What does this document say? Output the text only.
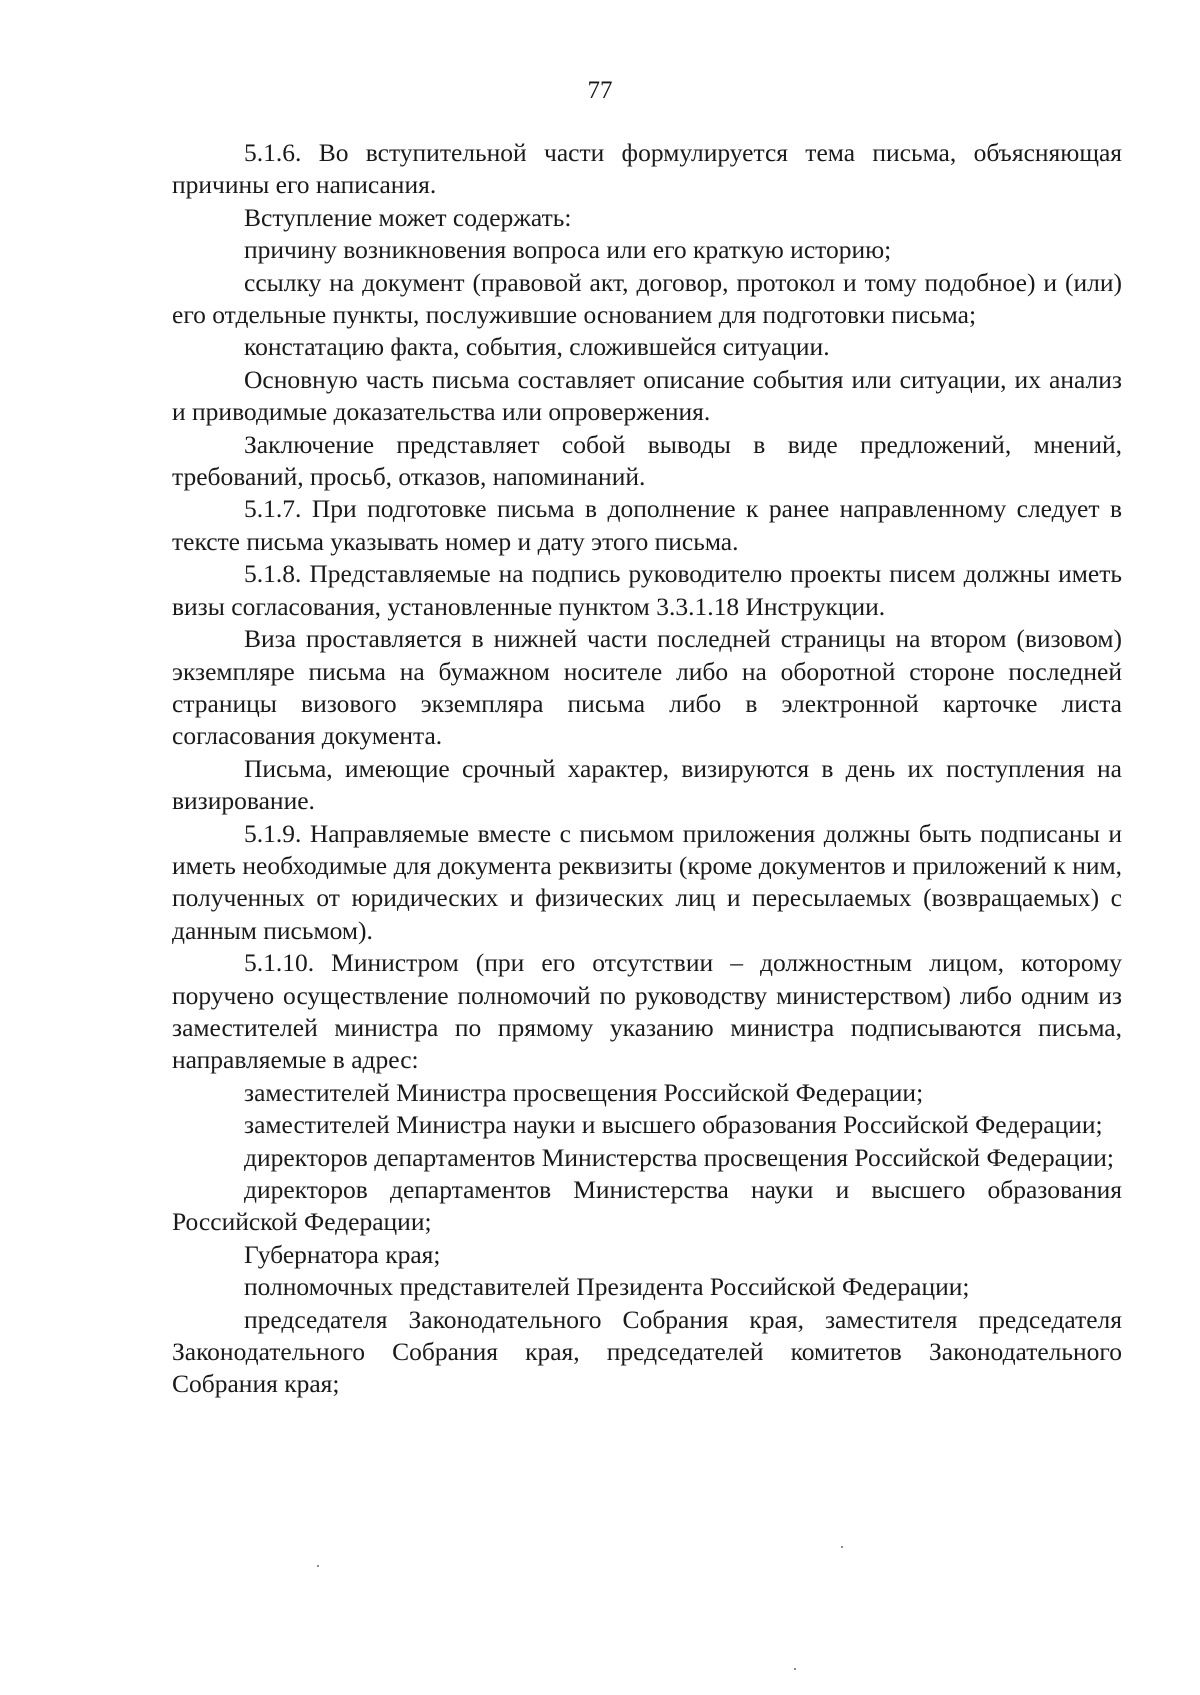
77

5.1.6. Во вступительной части формулируется тема письма, объясняющая причины его написания.

Вступление может содержать:

причину возникновения вопроса или его краткую историю;

ссылку на документ (правовой акт, договор, протокол и тому подобное) и (или) его отдельные пункты, послужившие основанием для подготовки письма;

констатацию факта, события, сложившейся ситуации.

Основную часть письма составляет описание события или ситуации, их анализ и приводимые доказательства или опровержения.

Заключение представляет собой выводы в виде предложений, мнений, требований, просьб, отказов, напоминаний.

5.1.7. При подготовке письма в дополнение к ранее направленному следует в тексте письма указывать номер и дату этого письма.

5.1.8. Представляемые на подпись руководителю проекты писем должны иметь визы согласования, установленные пунктом 3.3.1.18 Инструкции.

Виза проставляется в нижней части последней страницы на втором (визовом) экземпляре письма на бумажном носителе либо на оборотной стороне последней страницы визового экземпляра письма либо в электронной карточке листа согласования документа.

Письма, имеющие срочный характер, визируются в день их поступления на визирование.

5.1.9. Направляемые вместе с письмом приложения должны быть подписаны и иметь необходимые для документа реквизиты (кроме документов и приложений к ним, полученных от юридических и физических лиц и пересылаемых (возвращаемых) с данным письмом).

5.1.10. Министром (при его отсутствии – должностным лицом, которому поручено осуществление полномочий по руководству министерством) либо одним из заместителей министра по прямому указанию министра подписываются письма, направляемые в адрес:

заместителей Министра просвещения Российской Федерации;

заместителей Министра науки и высшего образования Российской Федерации;

директоров департаментов Министерства просвещения Российской Федерации;

директоров департаментов Министерства науки и высшего образования Российской Федерации;

Губернатора края;

полномочных представителей Президента Российской Федерации;

председателя Законодательного Собрания края, заместителя председателя Законодательного Собрания края, председателей комитетов Законодательного Собрания края;
